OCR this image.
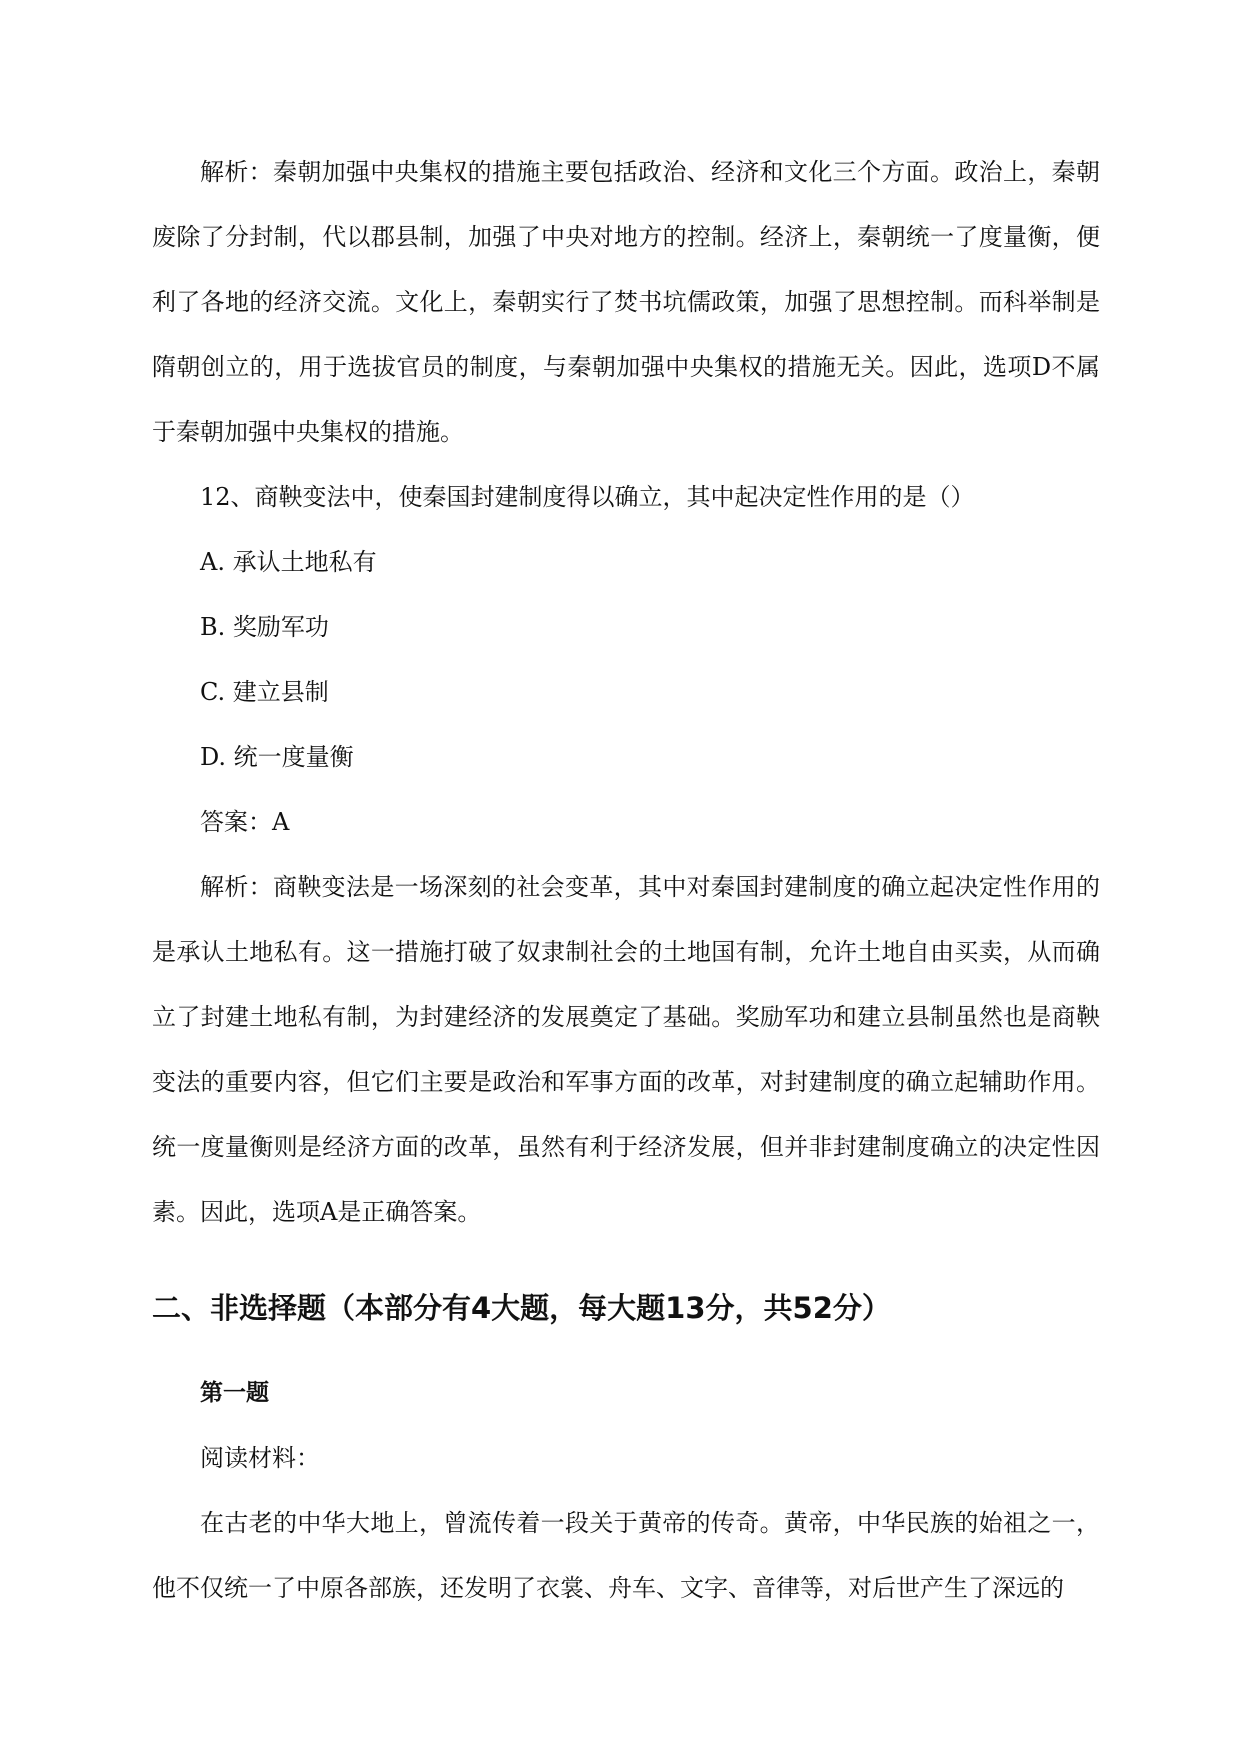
解析：秦朝加强中央集权的措施主要包括政治、经济和文化三个方面。政治上，秦朝废除了分封制，代以郡县制，加强了中央对地方的控制。经济上，秦朝统一了度量衡，便利了各地的经济交流。文化上，秦朝实行了焚书坑儒政策，加强了思想控制。而科举制是隋朝创立的，用于选拔官员的制度，与秦朝加强中央集权的措施无关。因此，选项D不属于秦朝加强中央集权的措施。

12、商鞅变法中，使秦国封建制度得以确立，其中起决定性作用的是（）

A. 承认土地私有

B. 奖励军功

C. 建立县制

D. 统一度量衡

答案：A

解析：商鞅变法是一场深刻的社会变革，其中对秦国封建制度的确立起决定性作用的是承认土地私有。这一措施打破了奴隶制社会的土地国有制，允许土地自由买卖，从而确立了封建土地私有制，为封建经济的发展奠定了基础。奖励军功和建立县制虽然也是商鞅变法的重要内容，但它们主要是政治和军事方面的改革，对封建制度的确立起辅助作用。统一度量衡则是经济方面的改革，虽然有利于经济发展，但并非封建制度确立的决定性因素。因此，选项A是正确答案。

二、非选择题（本部分有4大题，每大题13分，共52分）

第一题

阅读材料：

在古老的中华大地上，曾流传着一段关于黄帝的传奇。黄帝，中华民族的始祖之一，他不仅统一了中原各部族，还发明了衣裳、舟车、文字、音律等，对后世产生了深远的
